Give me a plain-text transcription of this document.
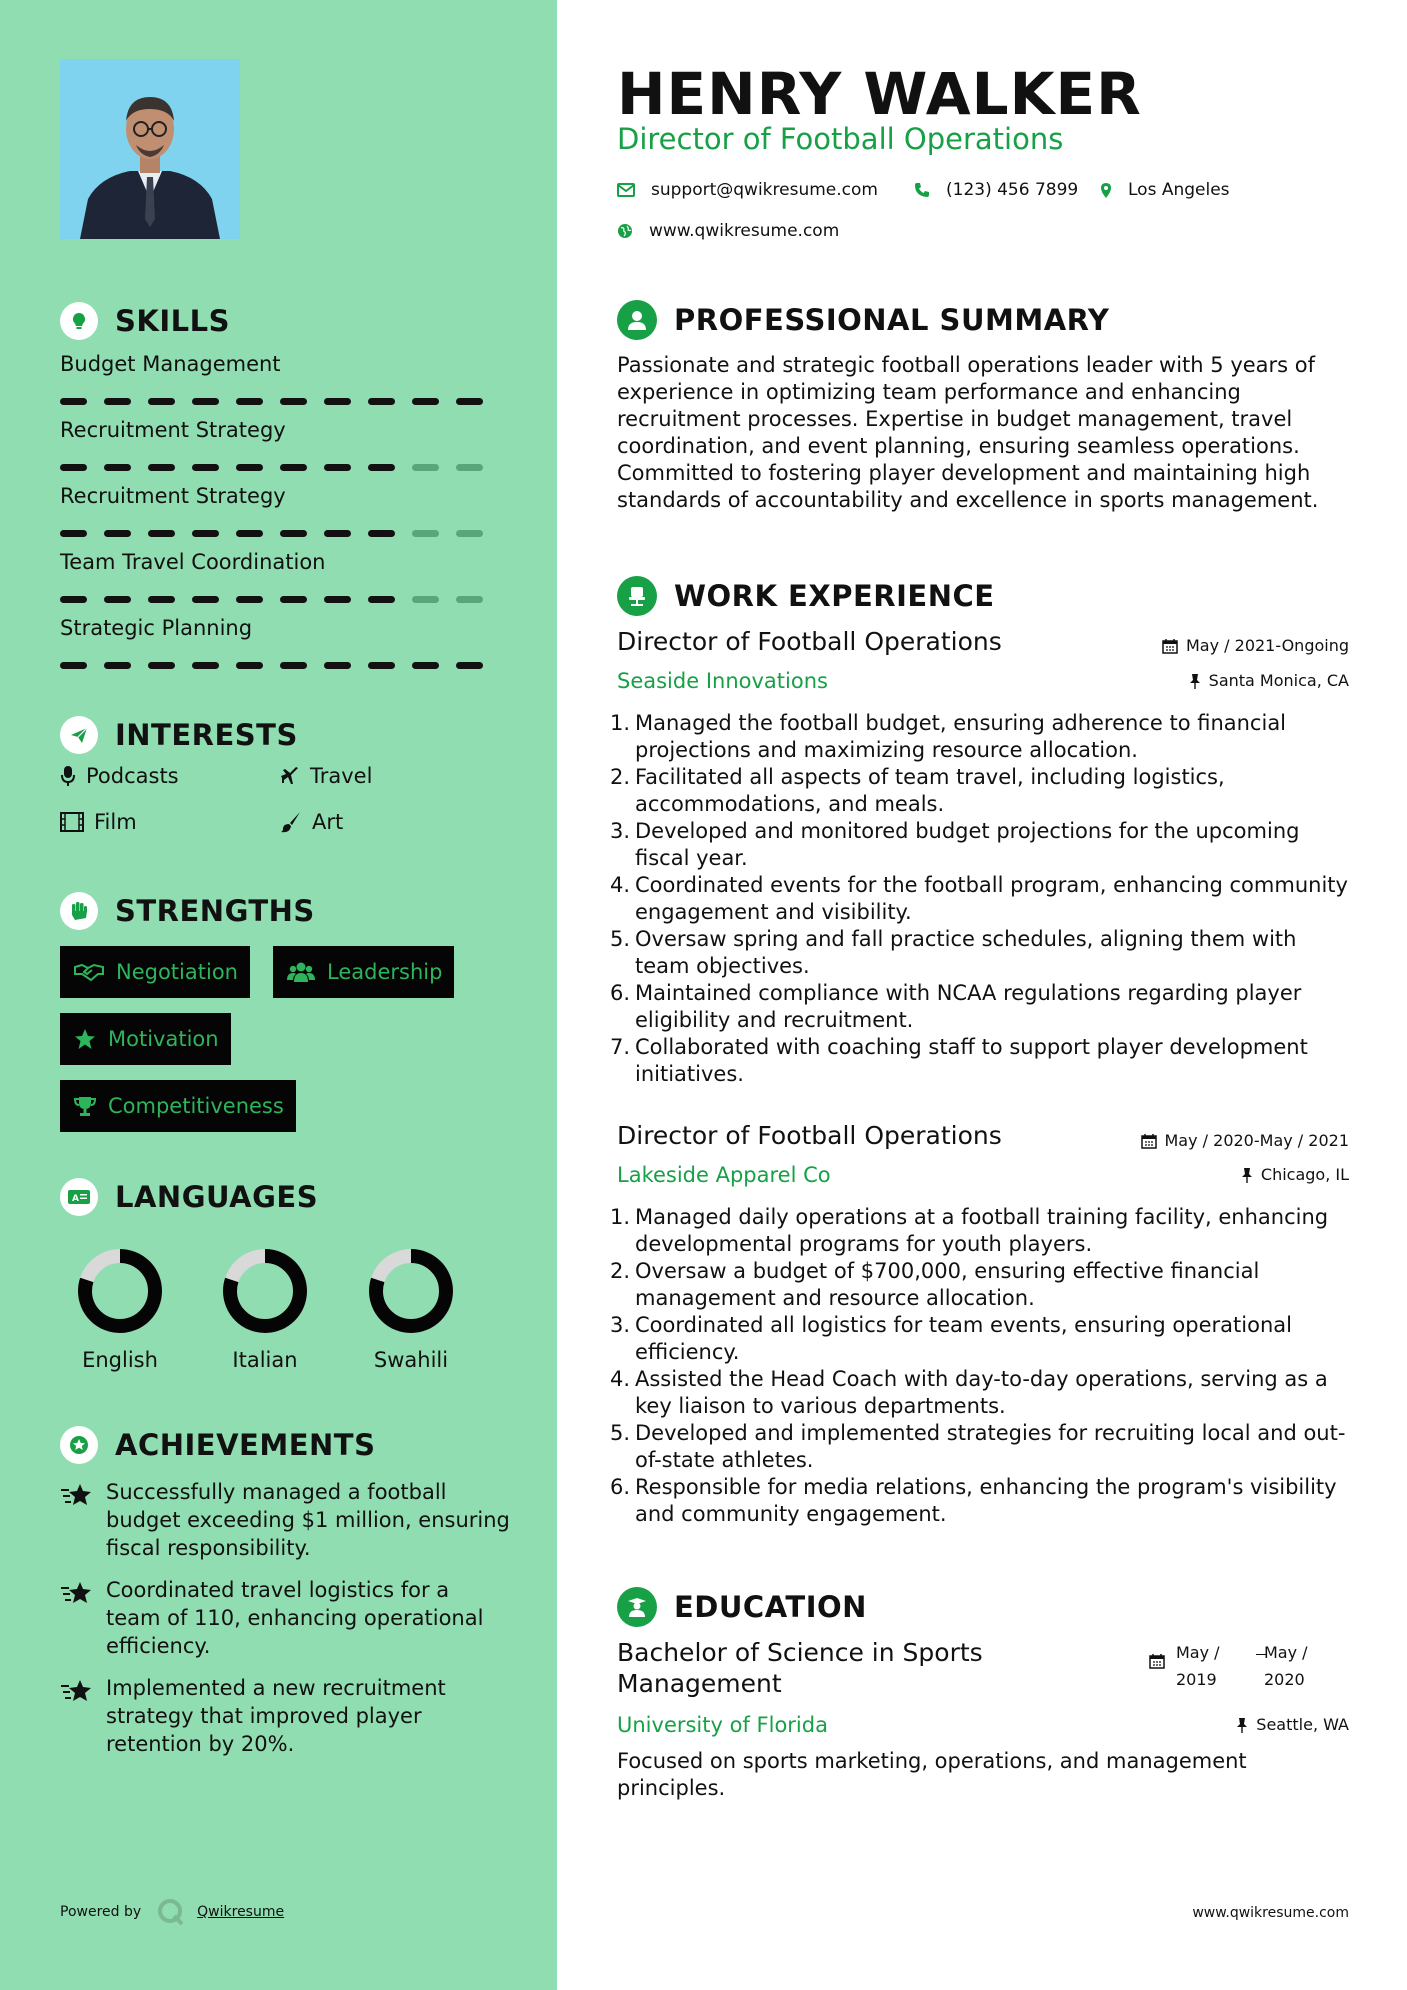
SKILLS
Budget Management
Recruitment Strategy
Recruitment Strategy
Team Travel Coordination
Strategic Planning
INTERESTS
Podcasts	Travel
Film	Art
STRENGTHS
Negotiation	Leadership
Motivation
Competitiveness
A LANGUAGES
English	Italian	Swahili
ACHIEVEMENTS
Successfully managed a football budget exceeding $1 million, ensuring fiscal responsibility.
Coordinated travel logistics for a team of 110, enhancing operational efficiency.
Implemented a new recruitment strategy that improved player retention by 20%.
Powered by	Qwikresume
HENRY WALKER
Director of Football Operations
support@qwikresume.com	(123) 456 7899	Los Angeles
www.qwikresume.com
PROFESSIONAL SUMMARY
Passionate and strategic football operations leader with 5 years of experience in optimizing team performance and enhancing recruitment processes. Expertise in budget management, travel coordination, and event planning, ensuring seamless operations. Committed to fostering player development and maintaining high standards of accountability and excellence in sports management.
WORK EXPERIENCE
Director of Football Operations	May / 2021-Ongoing
Seaside Innovations	Santa Monica, CA
1. Managed the football budget, ensuring adherence to financial projections and maximizing resource allocation.
2. Facilitated all aspects of team travel, including logistics, accommodations, and meals.
3. Developed and monitored budget projections for the upcoming fiscal year.
4. Coordinated events for the football program, enhancing community engagement and visibility.
5. Oversaw spring and fall practice schedules, aligning them with team objectives.
6. Maintained compliance with NCAA regulations regarding player eligibility and recruitment.
7. Collaborated with coaching staff to support player development initiatives.
Director of Football Operations	May / 2020-May / 2021
Lakeside Apparel Co	Chicago, IL
1. Managed daily operations at a football training facility, enhancing developmental programs for youth players.
2. Oversaw a budget of $700,000, ensuring effective financial management and resource allocation.
3. Coordinated all logistics for team events, ensuring operational efficiency.
4. Assisted the Head Coach with day-to-day operations, serving as a key liaison to various departments.
5. Developed and implemented strategies for recruiting local and out-of-state athletes.
6. Responsible for media relations, enhancing the program's visibility and community engagement.
EDUCATION
Bachelor of Science in Sports Management
May / 2019
May / 2020
University of Florida	Seattle, WA
Focused on sports marketing, operations, and management principles.
www.qwikresume.com
